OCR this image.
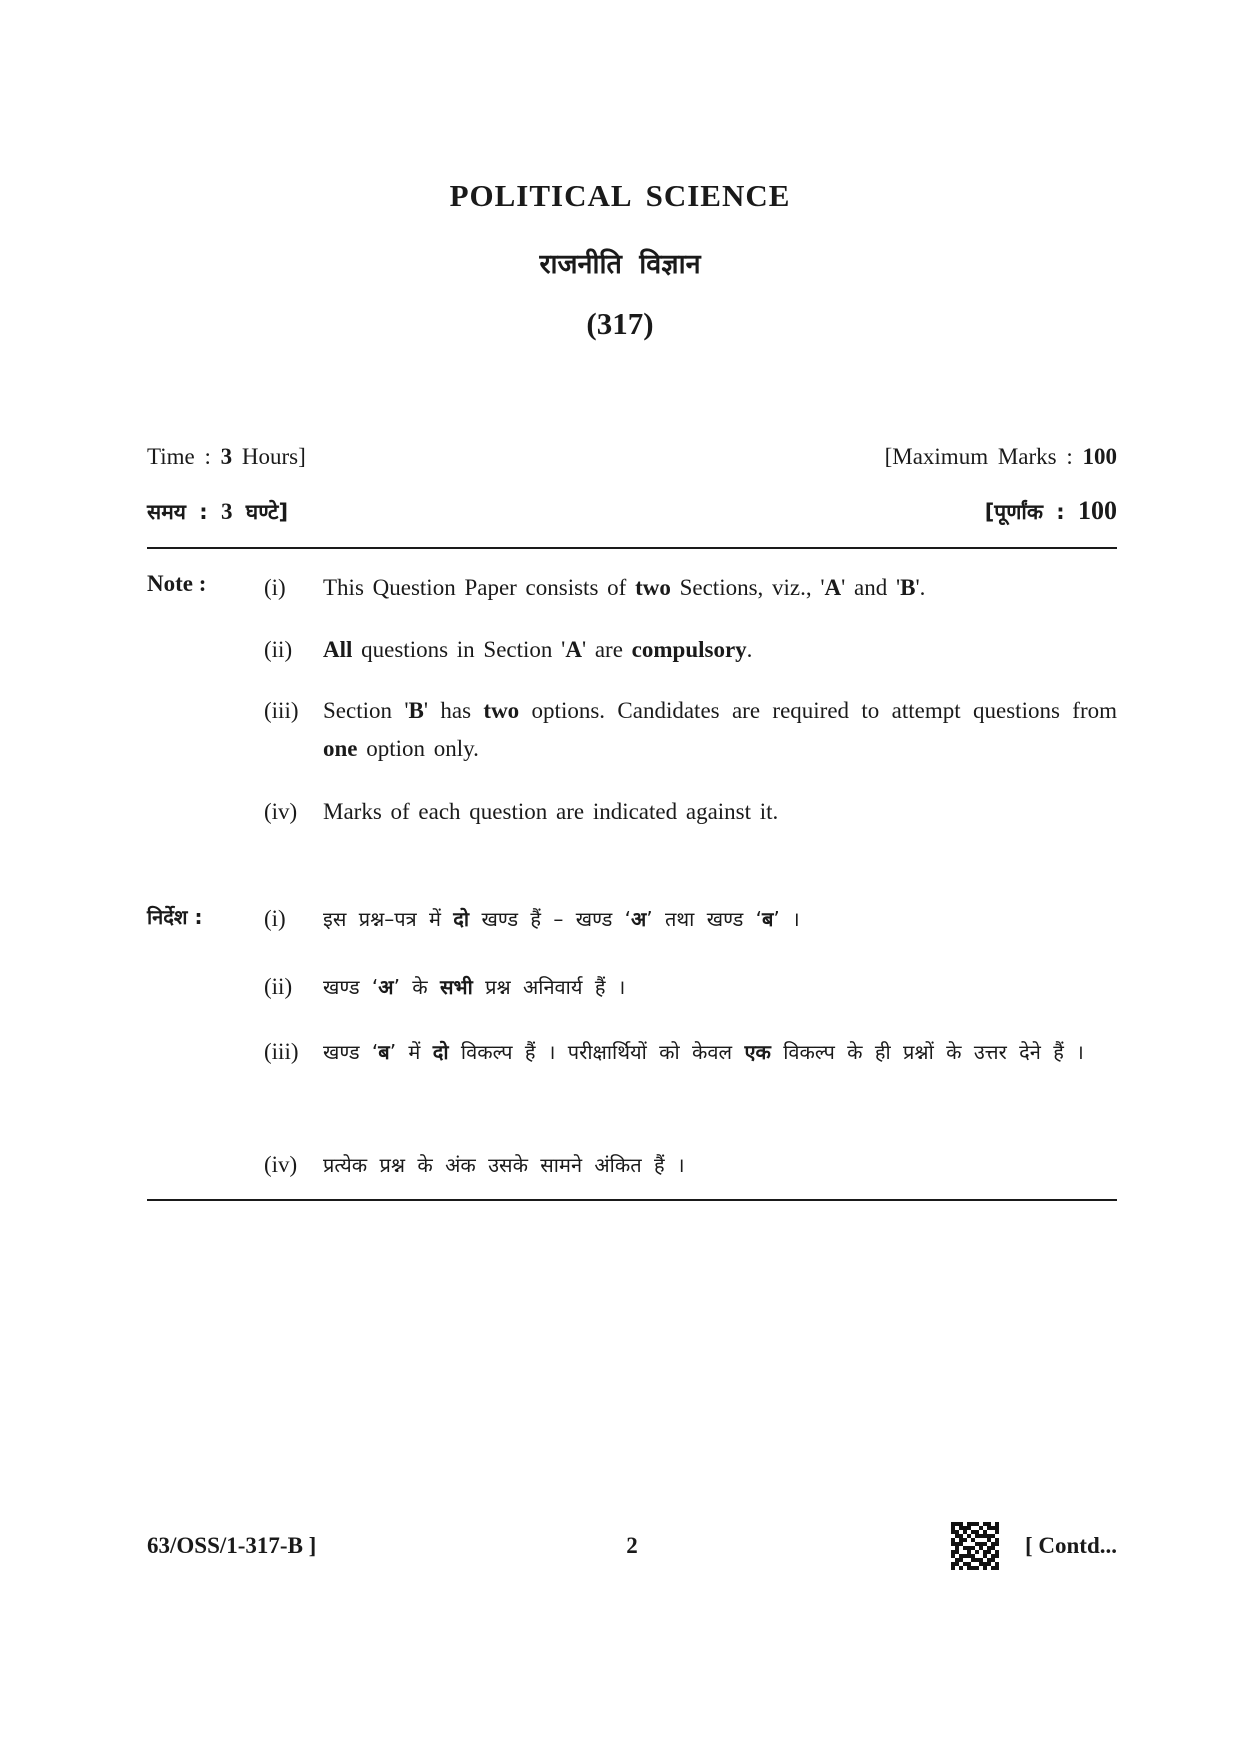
POLITICAL SCIENCE
राजनीति विज्ञान
(317)
Time : 3 Hours]	[Maximum Marks : 100
समय : 3 घण्टे]	[पूर्णांक : 100
Note :	(i)	This Question Paper consists of two Sections, viz., 'A' and 'B'.
(ii)	All questions in Section 'A' are compulsory.
(iii)	Section 'B' has two options. Candidates are required to attempt questions from one option only.
(iv)	Marks of each question are indicated against it.
निर्देश :	(i)	इस प्रश्न–पत्र में दो खण्ड हैं – खण्ड ‘अ’ तथा खण्ड ‘ब’ ।
(ii)	खण्ड ‘अ’ के सभी प्रश्न अनिवार्य हैं ।
(iii)	खण्ड ‘ब’ में दो विकल्प हैं । परीक्षार्थियों को केवल एक विकल्प के ही प्रश्नों के उत्तर देने हैं ।
(iv)	प्रत्येक प्रश्न के अंक उसके सामने अंकित हैं ।
63/OSS/1-317-B ]	2	[ Contd...
